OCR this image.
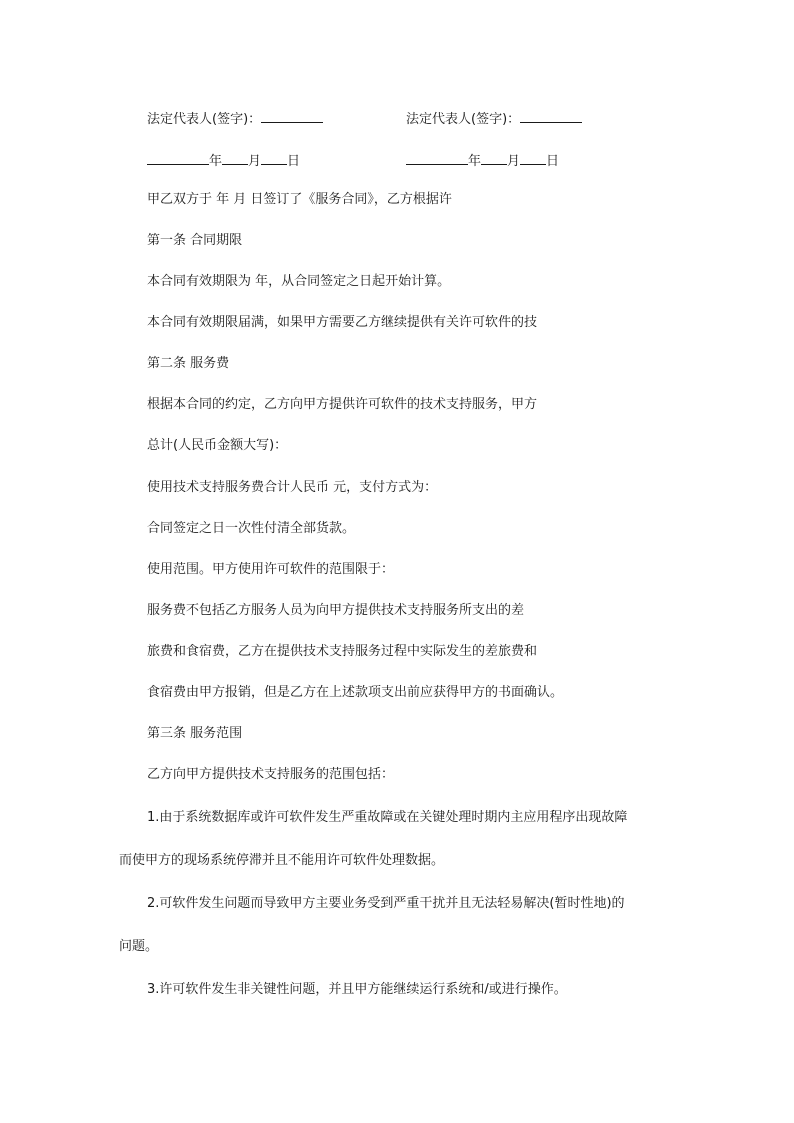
法定代表人(签字)：	法定代表人(签字)：
年 月 日	年 月 日
甲乙双方于 年 月 日签订了《服务合同》，乙方根据许
第一条 合同期限
本合同有效期限为 年，从合同签定之日起开始计算。
本合同有效期限届满，如果甲方需要乙方继续提供有关许可软件的技
第二条 服务费
根据本合同的约定，乙方向甲方提供许可软件的技术支持服务，甲方
总计(人民币金额大写)：
使用技术支持服务费合计人民币 元，支付方式为：
合同签定之日一次性付清全部货款。
使用范围。甲方使用许可软件的范围限于：
服务费不包括乙方服务人员为向甲方提供技术支持服务所支出的差
旅费和食宿费，乙方在提供技术支持服务过程中实际发生的差旅费和
食宿费由甲方报销，但是乙方在上述款项支出前应获得甲方的书面确认。
第三条 服务范围
乙方向甲方提供技术支持服务的范围包括：
1.由于系统数据库或许可软件发生严重故障或在关键处理时期内主应用程序出现故障
而使甲方的现场系统停滞并且不能用许可软件处理数据。
2.可软件发生问题而导致甲方主要业务受到严重干扰并且无法轻易解决(暂时性地)的
问题。
3.许可软件发生非关键性问题，并且甲方能继续运行系统和/或进行操作。
